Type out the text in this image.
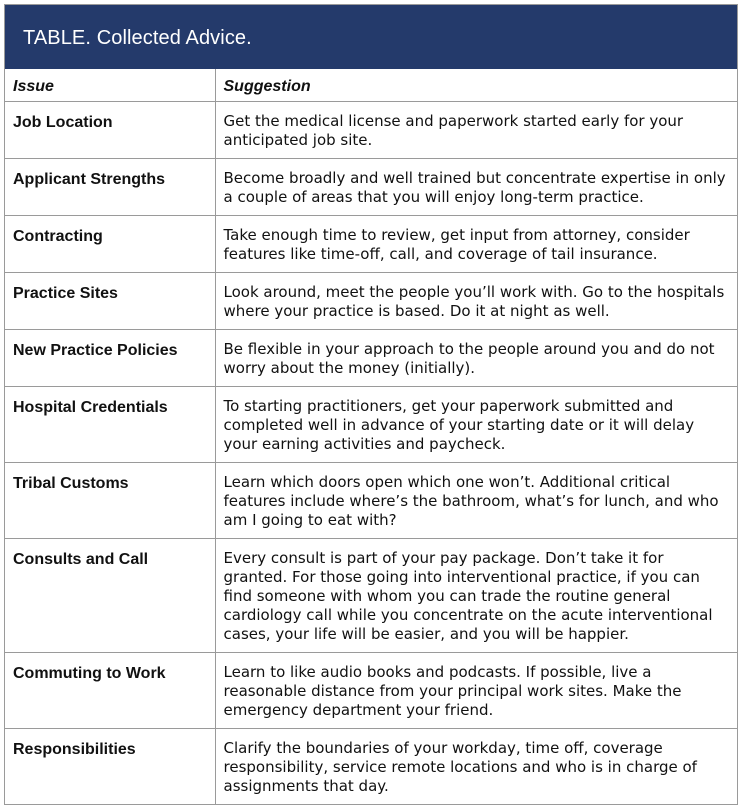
TABLE. Collected Advice.
Issue	Suggestion
Job Location	Get the medical license and paperwork started early for your anticipated job site.
Applicant Strengths	Become broadly and well trained but concentrate expertise in only a couple of areas that you will enjoy long-term practice.
Contracting	Take enough time to review, get input from attorney, consider features like time-off, call, and coverage of tail insurance.
Practice Sites	Look around, meet the people you’ll work with. Go to the hospitals where your practice is based. Do it at night as well.
New Practice Policies	Be flexible in your approach to the people around you and do not worry about the money (initially).
Hospital Credentials	To starting practitioners, get your paperwork submitted and completed well in advance of your starting date or it will delay your earning activities and paycheck.
Tribal Customs	Learn which doors open which one won’t. Additional critical features include where’s the bathroom, what’s for lunch, and who am I going to eat with?
Consults and Call	Every consult is part of your pay package. Don’t take it for granted. For those going into interventional practice, if you can find someone with whom you can trade the routine general cardiology call while you concentrate on the acute interventional cases, your life will be easier, and you will be happier.
Commuting to Work	Learn to like audio books and podcasts. If possible, live a reasonable distance from your principal work sites. Make the emergency department your friend.
Responsibilities	Clarify the boundaries of your workday, time off, coverage responsibility, service remote locations and who is in charge of assignments that day.
